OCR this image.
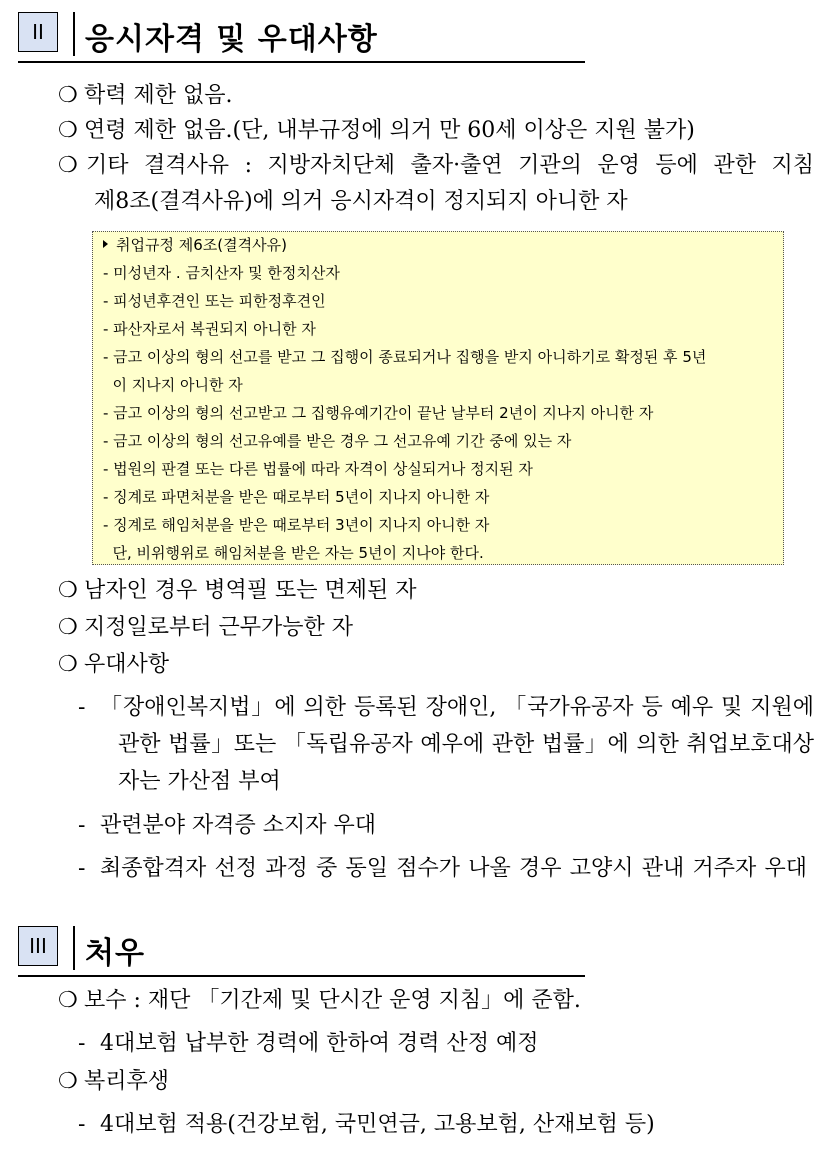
II	응시자격 및 우대사항
❍ 학력 제한 없음.
❍ 연령 제한 없음.(단, 내부규정에 의거 만 60세 이상은 지원 불가)
❍ 기타 결격사유 : 지방자치단체 출자·출연 기관의 운영 등에 관한 지침
제8조(결격사유)에 의거 응시자격이 정지되지 아니한 자
취업규정 제6조(결격사유)
- 미성년자 . 금치산자 및 한정치산자
- 피성년후견인 또는 피한정후견인
- 파산자로서 복권되지 아니한 자
- 금고 이상의 형의 선고를 받고 그 집행이 종료되거나 집행을 받지 아니하기로 확정된 후 5년
이 지나지 아니한 자
- 금고 이상의 형의 선고받고 그 집행유예기간이 끝난 날부터 2년이 지나지 아니한 자
- 금고 이상의 형의 선고유예를 받은 경우 그 선고유예 기간 중에 있는 자
- 법원의 판결 또는 다른 법률에 따라 자격이 상실되거나 정지된 자
- 징계로 파면처분을 받은 때로부터 5년이 지나지 아니한 자
- 징계로 해임처분을 받은 때로부터 3년이 지나지 아니한 자
단, 비위행위로 해임처분을 받은 자는 5년이 지나야 한다.
❍ 남자인 경우 병역필 또는 면제된 자
❍ 지정일로부터 근무가능한 자
❍ 우대사항
- 「장애인복지법」에 의한 등록된 장애인, 「국가유공자 등 예우 및 지원에
관한 법률」또는 「독립유공자 예우에 관한 법률」에 의한 취업보호대상
자는 가산점 부여
- 관련분야 자격증 소지자 우대
- 최종합격자 선정 과정 중 동일 점수가 나올 경우 고양시 관내 거주자 우대
III	처우
❍ 보수 : 재단 「기간제 및 단시간 운영 지침」에 준함.
- 4대보험 납부한 경력에 한하여 경력 산정 예정
❍ 복리후생
- 4대보험 적용(건강보험, 국민연금, 고용보험, 산재보험 등)
